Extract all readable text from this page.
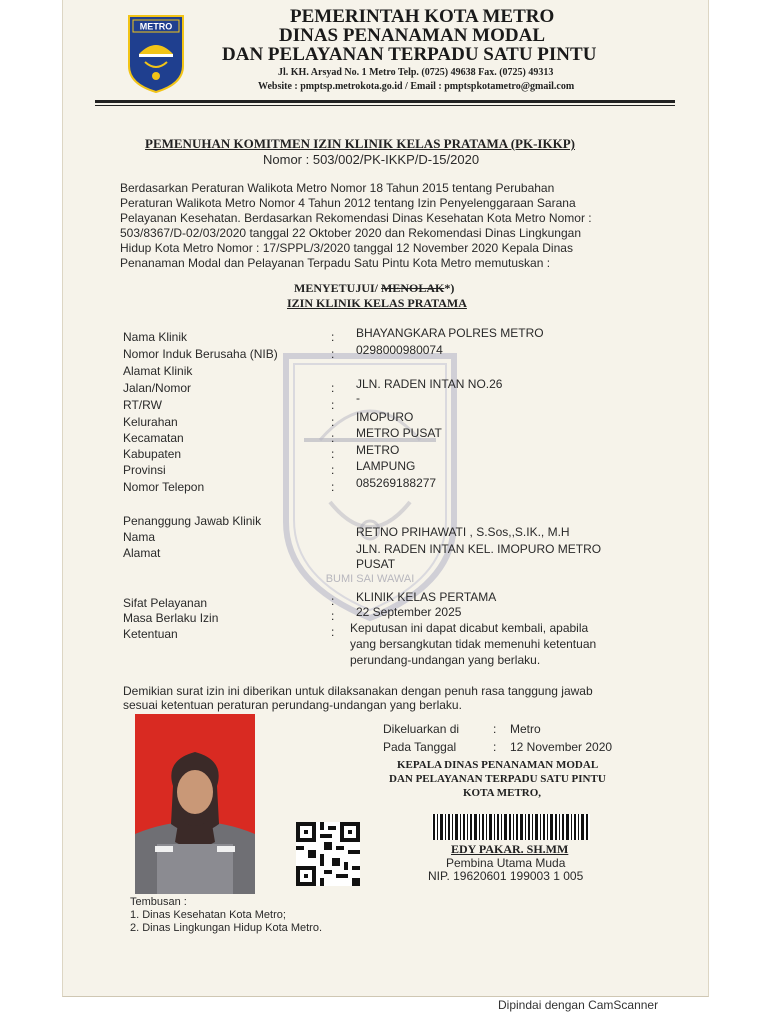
METRO	PEMERINTAH KOTA METRO
DINAS PENANAMAN MODAL
DAN PELAYANAN TERPADU SATU PINTU
Jl. KH. Arsyad No. 1 Metro Telp. (0725) 49638 Fax. (0725) 49313
Website : pmptsp.metrokota.go.id / Email : pmptspkotametro@gmail.com
PEMENUHAN KOMITMEN IZIN KLINIK KELAS PRATAMA (PK-IKKP)
Nomor : 503/002/PK-IKKP/D-15/2020
Berdasarkan Peraturan Walikota Metro Nomor 18 Tahun 2015 tentang Perubahan
Peraturan Walikota Metro Nomor 4 Tahun 2012 tentang Izin Penyelenggaraan Sarana
Pelayanan Kesehatan. Berdasarkan Rekomendasi Dinas Kesehatan Kota Metro Nomor :
503/8367/D-02/03/2020 tanggal 22 Oktober 2020 dan Rekomendasi Dinas Lingkungan
Hidup Kota Metro Nomor : 17/SPPL/3/2020 tanggal 12 November 2020 Kepala Dinas
Penanaman Modal dan Pelayanan Terpadu Satu Pintu Kota Metro memutuskan :
MENYETUJUI/ MENOLAK*)
IZIN KLINIK KELAS PRATAMA
BUMI SAI WAWAI
Nama Klinik	: BHAYANGKARA POLRES METRO
Nomor Induk Berusaha (NIB)	: 0298000980074
Alamat Klinik
Jalan/Nomor	: JLN. RADEN INTAN NO.26
RT/RW	: -
Kelurahan	: IMOPURO
Kecamatan	: METRO PUSAT
Kabupaten	: METRO
Provinsi	: LAMPUNG
Nomor Telepon	: 085269188277
Penanggung Jawab Klinik
Nama	RETNO PRIHAWATI , S.Sos,,S.IK., M.H
Alamat	JLN. RADEN INTAN KEL. IMOPURO METRO
PUSAT
Sifat Pelayanan	: KLINIK KELAS PERTAMA
Masa Berlaku Izin	: 22 September 2025
Ketentuan	: Keputusan ini dapat dicabut kembali, apabila
yang bersangkutan tidak memenuhi ketentuan
perundang-undangan yang berlaku.
Demikian surat izin ini diberikan untuk dilaksanakan dengan penuh rasa tanggung jawab
sesuai ketentuan peraturan perundang-undangan yang berlaku.
Dikeluarkan di	: Metro
Pada Tanggal	: 12 November 2020
KEPALA DINAS PENANAMAN MODAL
DAN PELAYANAN TERPADU SATU PINTU
KOTA METRO,
EDY PAKAR. SH.MM
Pembina Utama Muda
NIP. 19620601 199003 1 005
Tembusan :
1. Dinas Kesehatan Kota Metro;
2. Dinas Lingkungan Hidup Kota Metro.
Dipindai dengan CamScanner
